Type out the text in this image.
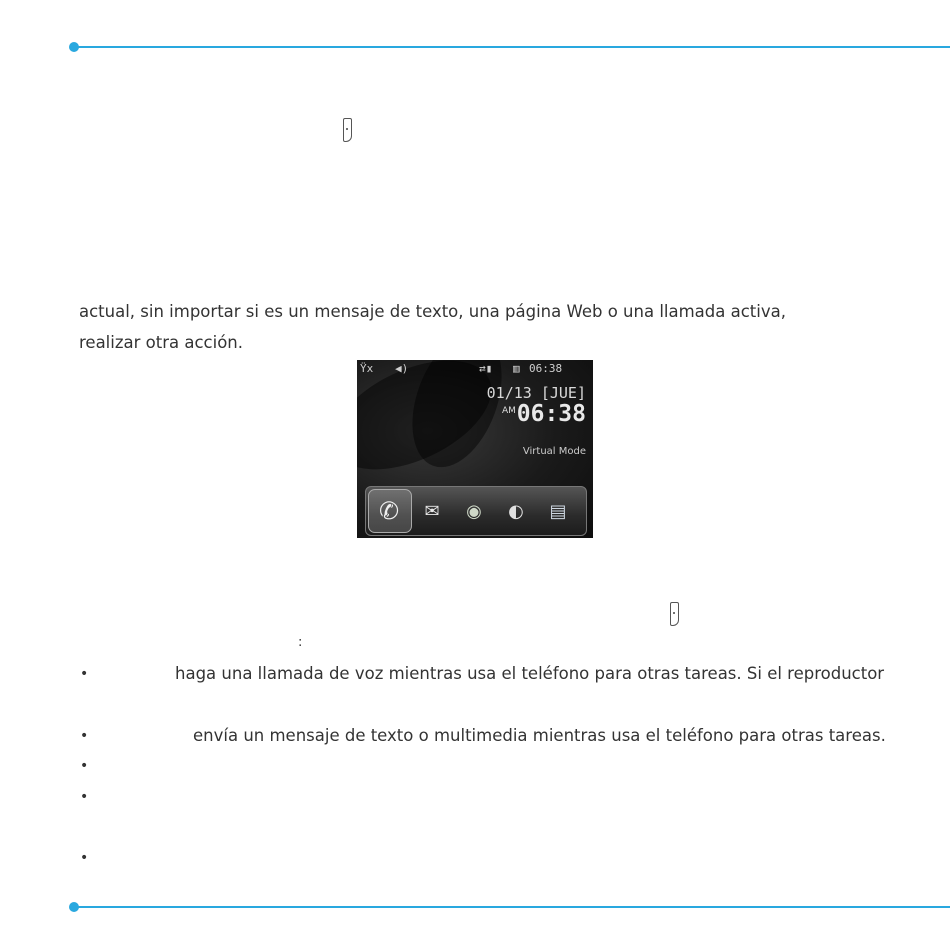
actual, sin importar si es un mensaje de texto, una página Web o una llamada activa,
realizar otra acción.
Ÿx ◀)	⇄▮ ▥ 06:38
01/13 [JUE]
AM 06:38
Virtual Mode
✆	✉	◉	◐	▤
:
•	haga una llamada de voz mientras usa el teléfono para otras tareas. Si el reproductor
•	envía un mensaje de texto o multimedia mientras usa el teléfono para otras tareas.
•
•
•
